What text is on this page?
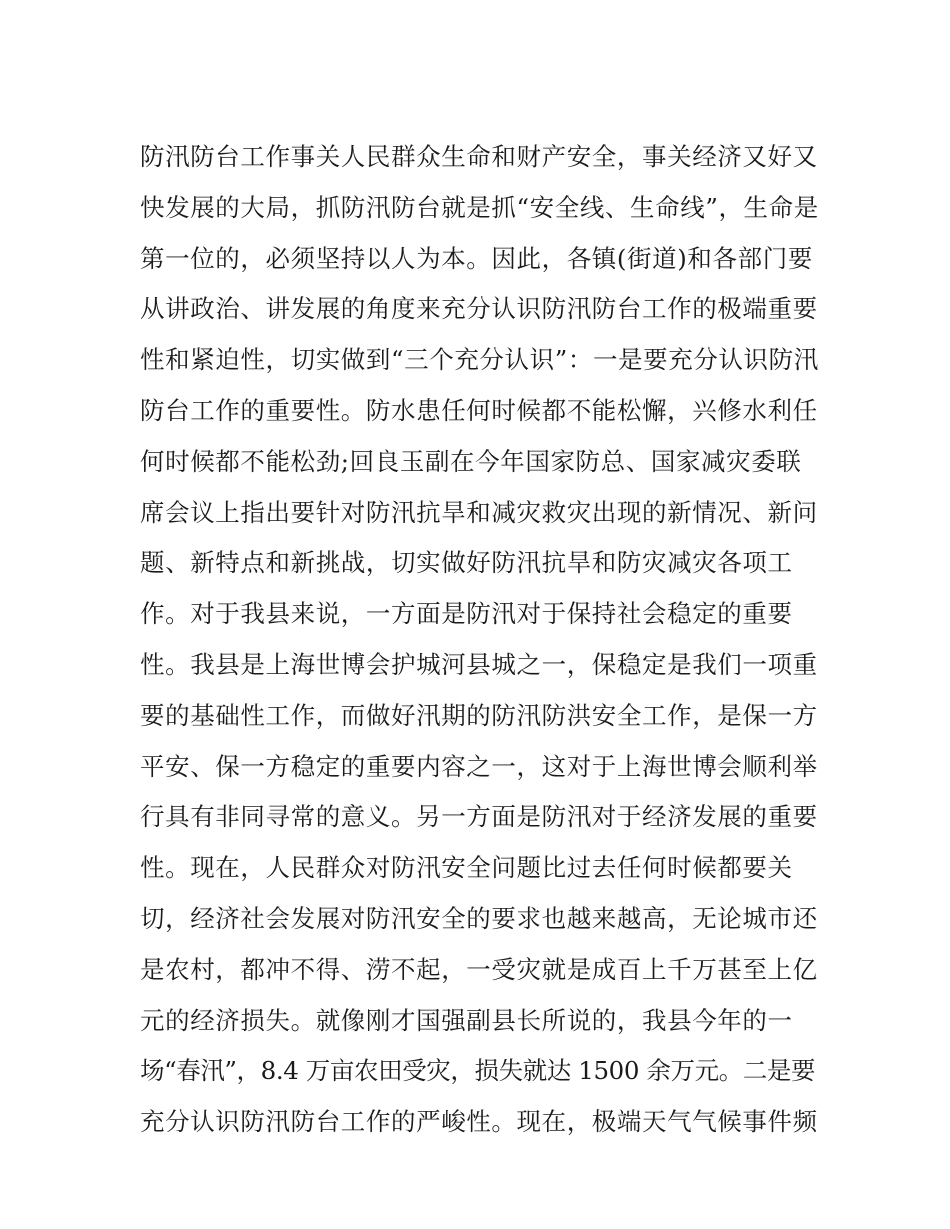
防汛防台工作事关人民群众生命和财产安全，事关经济又好又
快发展的大局，抓防汛防台就是抓“安全线、生命线”，生命是
第一位的，必须坚持以人为本。因此，各镇(街道)和各部门要
从讲政治、讲发展的角度来充分认识防汛防台工作的极端重要
性和紧迫性，切实做到“三个充分认识”：一是要充分认识防汛
防台工作的重要性。防水患任何时候都不能松懈，兴修水利任
何时候都不能松劲;回良玉副在今年国家防总、国家减灾委联
席会议上指出要针对防汛抗旱和减灾救灾出现的新情况、新问
题、新特点和新挑战，切实做好防汛抗旱和防灾减灾各项工
作。对于我县来说，一方面是防汛对于保持社会稳定的重要
性。我县是上海世博会护城河县城之一，保稳定是我们一项重
要的基础性工作，而做好汛期的防汛防洪安全工作，是保一方
平安、保一方稳定的重要内容之一，这对于上海世博会顺利举
行具有非同寻常的意义。另一方面是防汛对于经济发展的重要
性。现在，人民群众对防汛安全问题比过去任何时候都要关
切，经济社会发展对防汛安全的要求也越来越高，无论城市还
是农村，都冲不得、涝不起，一受灾就是成百上千万甚至上亿
元的经济损失。就像刚才国强副县长所说的，我县今年的一
场“春汛”，8.4 万亩农田受灾，损失就达 1500 余万元。二是要
充分认识防汛防台工作的严峻性。现在，极端天气气候事件频
